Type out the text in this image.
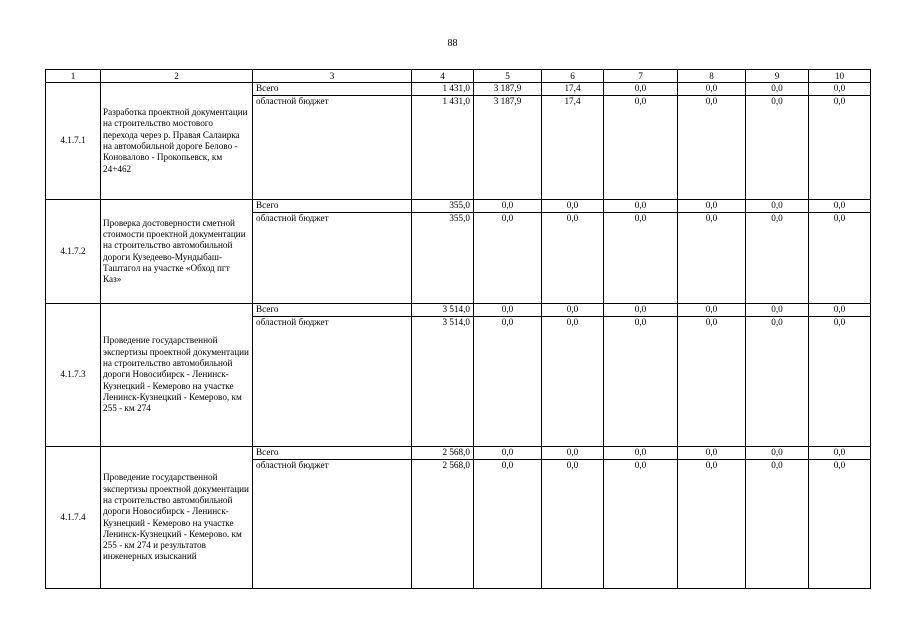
88
1	2	3	4	5	6	7	8	9	10
4.1.7.1	Разработка проектной документации на строительство мостового перехода через р. Правая Салаирка на автомобильной дороге Белово - Коновалово - Прокопьевск, км 24+462	Всего	1 431,0	3 187,9	17,4	0,0	0,0	0,0	0,0
		областной бюджет	1 431,0	3 187,9	17,4	0,0	0,0	0,0	0,0
4.1.7.2	Проверка достоверности сметной стоимости проектной документации на строительство автомобильной дороги Кузедеево-Мундыбаш-Таштагол на участке «Обход пгт Каз»	Всего	355,0	0,0	0,0	0,0	0,0	0,0	0,0
		областной бюджет	355,0	0,0	0,0	0,0	0,0	0,0	0,0
4.1.7.3	Проведение государственной экспертизы проектной документации на строительство автомобильной дороги Новосибирск - Ленинск-Кузнецкий - Кемерово на участке Ленинск-Кузнецкий - Кемерово, км 255 - км 274	Всего	3 514,0	0,0	0,0	0,0	0,0	0,0	0,0
		областной бюджет	3 514,0	0,0	0,0	0,0	0,0	0,0	0,0
4.1.7.4	Проведение государственной экспертизы проектной документации на строительство автомобильной дороги Новосибирск - Ленинск-Кузнецкий - Кемерово на участке Ленинск-Кузнецкий - Кемерово. км 255 - км 274 и результатов инженерных изысканий	Всего	2 568,0	0,0	0,0	0,0	0,0	0,0	0,0
		областной бюджет	2 568,0	0,0	0,0	0,0	0,0	0,0	0,0
